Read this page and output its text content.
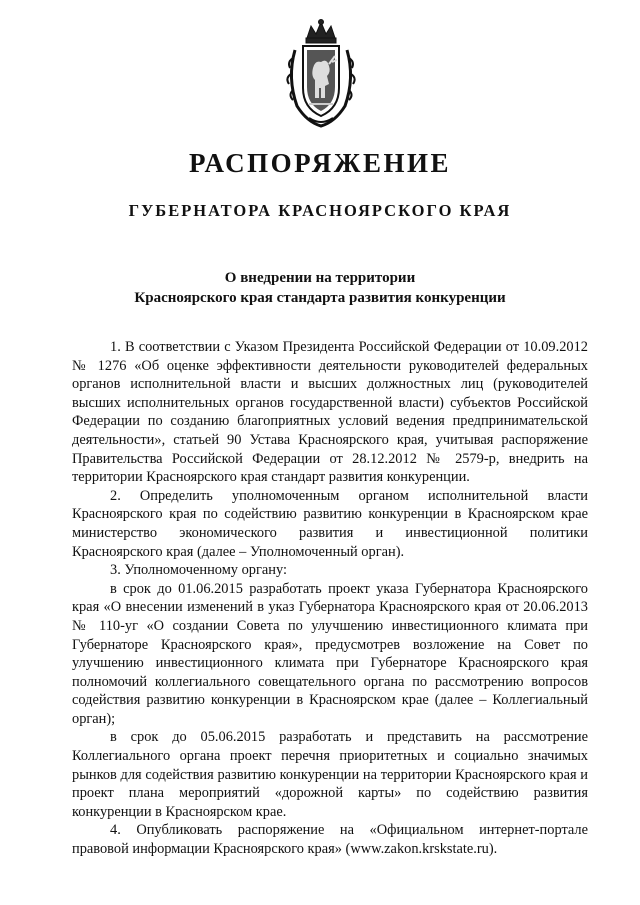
РАСПОРЯЖЕНИЕ
ГУБЕРНАТОРА КРАСНОЯРСКОГО КРАЯ
О внедрении на территории
Красноярского края стандарта развития конкуренции

1. В соответствии с Указом Президента Российской Федерации от 10.09.2012 № 1276 «Об оценке эффективности деятельности руководителей федеральных органов исполнительной власти и высших должностных лиц (руководителей высших исполнительных органов государственной власти) субъектов Российской Федерации по созданию благоприятных условий ведения предпринимательской деятельности», статьей 90 Устава Красноярского края, учитывая распоряжение Правительства Российской Федерации от 28.12.2012 № 2579-р, внедрить на территории Красноярского края стандарт развития конкуренции.

2. Определить уполномоченным органом исполнительной власти Красноярского края по содействию развитию конкуренции в Красноярском крае министерство экономического развития и инвестиционной политики Красноярского края (далее – Уполномоченный орган).

3. Уполномоченному органу:

в срок до 01.06.2015 разработать проект указа Губернатора Красноярского края «О внесении изменений в указ Губернатора Красноярского края от 20.06.2013 № 110-уг «О создании Совета по улучшению инвестиционного климата при Губернаторе Красноярского края», предусмотрев возложение на Совет по улучшению инвестиционного климата при Губернаторе Красноярского края полномочий коллегиального совещательного органа по рассмотрению вопросов содействия развитию конкуренции в Красноярском крае (далее – Коллегиальный орган);

в срок до 05.06.2015 разработать и представить на рассмотрение Коллегиального органа проект перечня приоритетных и социально значимых рынков для содействия развитию конкуренции на территории Красноярского края и проект плана мероприятий «дорожной карты» по содействию развития конкуренции в Красноярском крае.

4. Опубликовать распоряжение на «Официальном интернет-портале правовой информации Красноярского края» (www.zakon.krskstate.ru).
